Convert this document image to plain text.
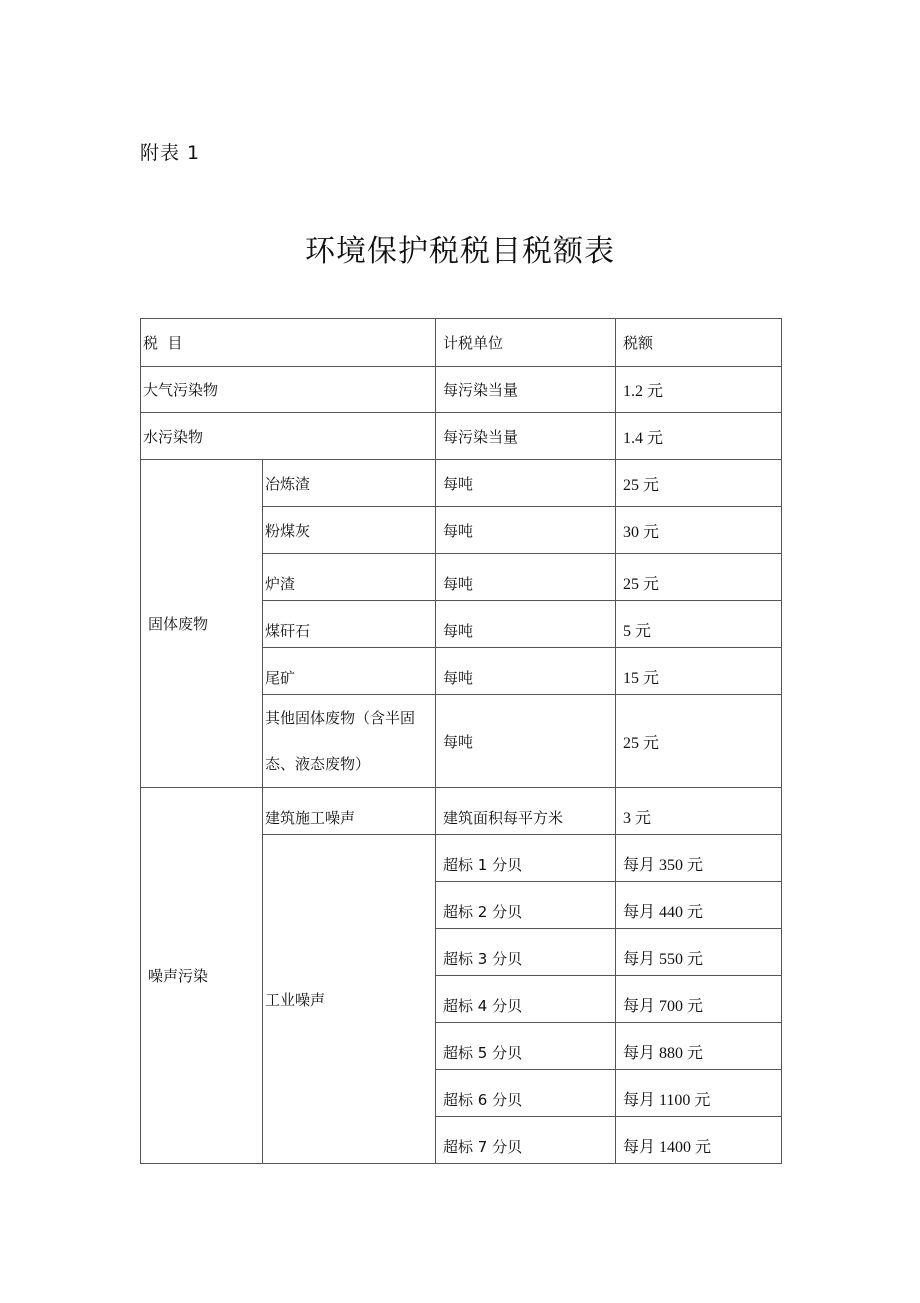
附表 1
环境保护税税目税额表
税  目		计税单位	税额
大气污染物		每污染当量	1.2 元
水污染物		每污染当量	1.4 元
固体废物	冶炼渣	每吨	25 元
	粉煤灰	每吨	30 元
	炉渣	每吨	25 元
	煤矸石	每吨	5 元
	尾矿	每吨	15 元
	其他固体废物（含半固态、液态废物）	每吨	25 元
噪声污染	建筑施工噪声	建筑面积每平方米	3 元
	工业噪声	超标 1 分贝	每月 350 元
		超标 2 分贝	每月 440 元
		超标 3 分贝	每月 550 元
		超标 4 分贝	每月 700 元
		超标 5 分贝	每月 880 元
		超标 6 分贝	每月 1100 元
		超标 7 分贝	每月 1400 元
